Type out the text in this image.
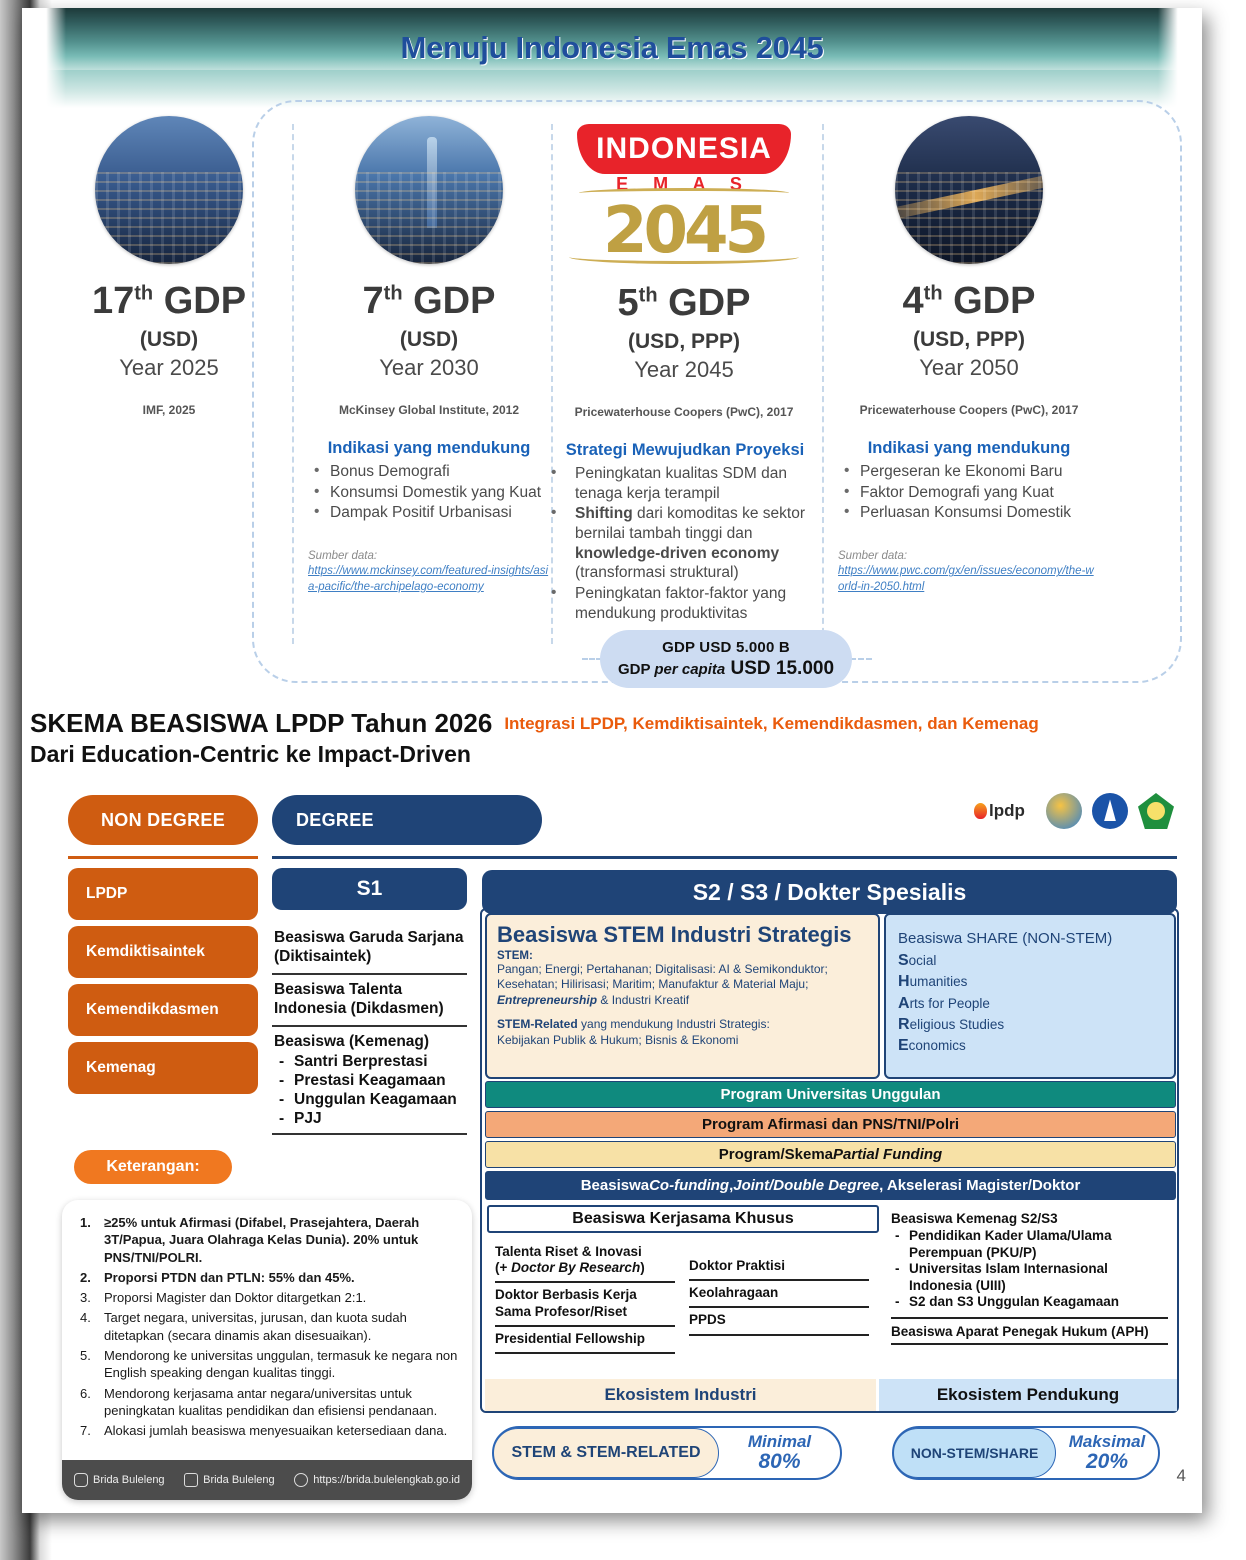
Menuju Indonesia Emas 2045
17th GDP
(USD)
Year 2025
IMF, 2025
7th GDP
(USD)
Year 2030
McKinsey Global Institute, 2012
Indikasi yang mendukung
• Bonus Demografi
• Konsumsi Domestik yang Kuat
• Dampak Positif Urbanisasi
Sumber data:
https://www.mckinsey.com/featured-insights/asia-pacific/the-archipelago-economy
INDONESIA
E M A S
2045
5th GDP
(USD, PPP)
Year 2045
Pricewaterhouse Coopers (PwC), 2017
Strategi Mewujudkan Proyeksi
• Peningkatan kualitas SDM dan tenaga kerja terampil
• Shifting dari komoditas ke sektor bernilai tambah tinggi dan knowledge-driven economy (transformasi struktural)
• Peningkatan faktor-faktor yang mendukung produktivitas
4th GDP
(USD, PPP)
Year 2050
Pricewaterhouse Coopers (PwC), 2017
Indikasi yang mendukung
• Pergeseran ke Ekonomi Baru
• Faktor Demografi yang Kuat
• Perluasan Konsumsi Domestik
Sumber data:
https://www.pwc.com/gx/en/issues/economy/the-world-in-2050.html
GDP USD 5.000 B
GDP per capita USD 15.000
SKEMA BEASISWA LPDP Tahun 2026 Integrasi LPDP, Kemdiktisaintek, Kemendikdasmen, dan Kemenag
Dari Education-Centric ke Impact-Driven
lpdp
NON DEGREE
LPDP
Kemdiktisaintek
Kemendikdasmen
Kemenag
Keterangan:
1. ≥25% untuk Afirmasi (Difabel, Prasejahtera, Daerah 3T/Papua, Juara Olahraga Kelas Dunia). 20% untuk PNS/TNI/POLRI.
2. Proporsi PTDN dan PTLN: 55% dan 45%.
3. Proporsi Magister dan Doktor ditargetkan 2:1.
4. Target negara, universitas, jurusan, dan kuota sudah ditetapkan (secara dinamis akan disesuaikan).
5. Mendorong ke universitas unggulan, termasuk ke negara non English speaking dengan kualitas tinggi.
6. Mendorong kerjasama antar negara/universitas untuk peningkatan kualitas pendidikan dan efisiensi pendanaan.
7. Alokasi jumlah beasiswa menyesuaikan ketersediaan dana.
Brida Buleleng	Brida Buleleng	https://brida.bulelengkab.go.id
DEGREE
S1
Beasiswa Garuda Sarjana (Diktisaintek)
Beasiswa Talenta Indonesia (Dikdasmen)
Beasiswa (Kemenag)
- Santri Berprestasi
- Prestasi Keagamaan
- Unggulan Keagamaan
- PJJ
S2 / S3 / Dokter Spesialis
Beasiswa STEM Industri Strategis
STEM:
Pangan; Energi; Pertahanan; Digitalisasi: AI & Semikonduktor;
Kesehatan; Hilirisasi; Maritim; Manufaktur & Material Maju;
Entrepreneurship & Industri Kreatif
STEM-Related yang mendukung Industri Strategis:
Kebijakan Publik & Hukum; Bisnis & Ekonomi
Beasiswa SHARE (NON-STEM)
Social
Humanities
Arts for People
Religious Studies
Economics
Program Universitas Unggulan
Program Afirmasi dan PNS/TNI/Polri
Program/Skema Partial Funding
Beasiswa Co-funding , Joint/Double Degree , Akselerasi Magister/Doktor
Beasiswa Kerjasama Khusus
Talenta Riset & Inovasi
(+ Doctor By Research)
Doktor Berbasis Kerja Sama Profesor/Riset
Presidential Fellowship
Doktor Praktisi
Keolahragaan
PPDS
Ekosistem Industri
Beasiswa Kemenag S2/S3
- Pendidikan Kader Ulama/Ulama Perempuan (PKU/P)
- Universitas Islam Internasional Indonesia (UIII)
- S2 dan S3 Unggulan Keagamaan
Beasiswa Aparat Penegak Hukum (APH)
Ekosistem Pendukung
STEM & STEM-RELATED
Minimal
80%	NON-STEM/SHARE
Maksimal
20%
4
